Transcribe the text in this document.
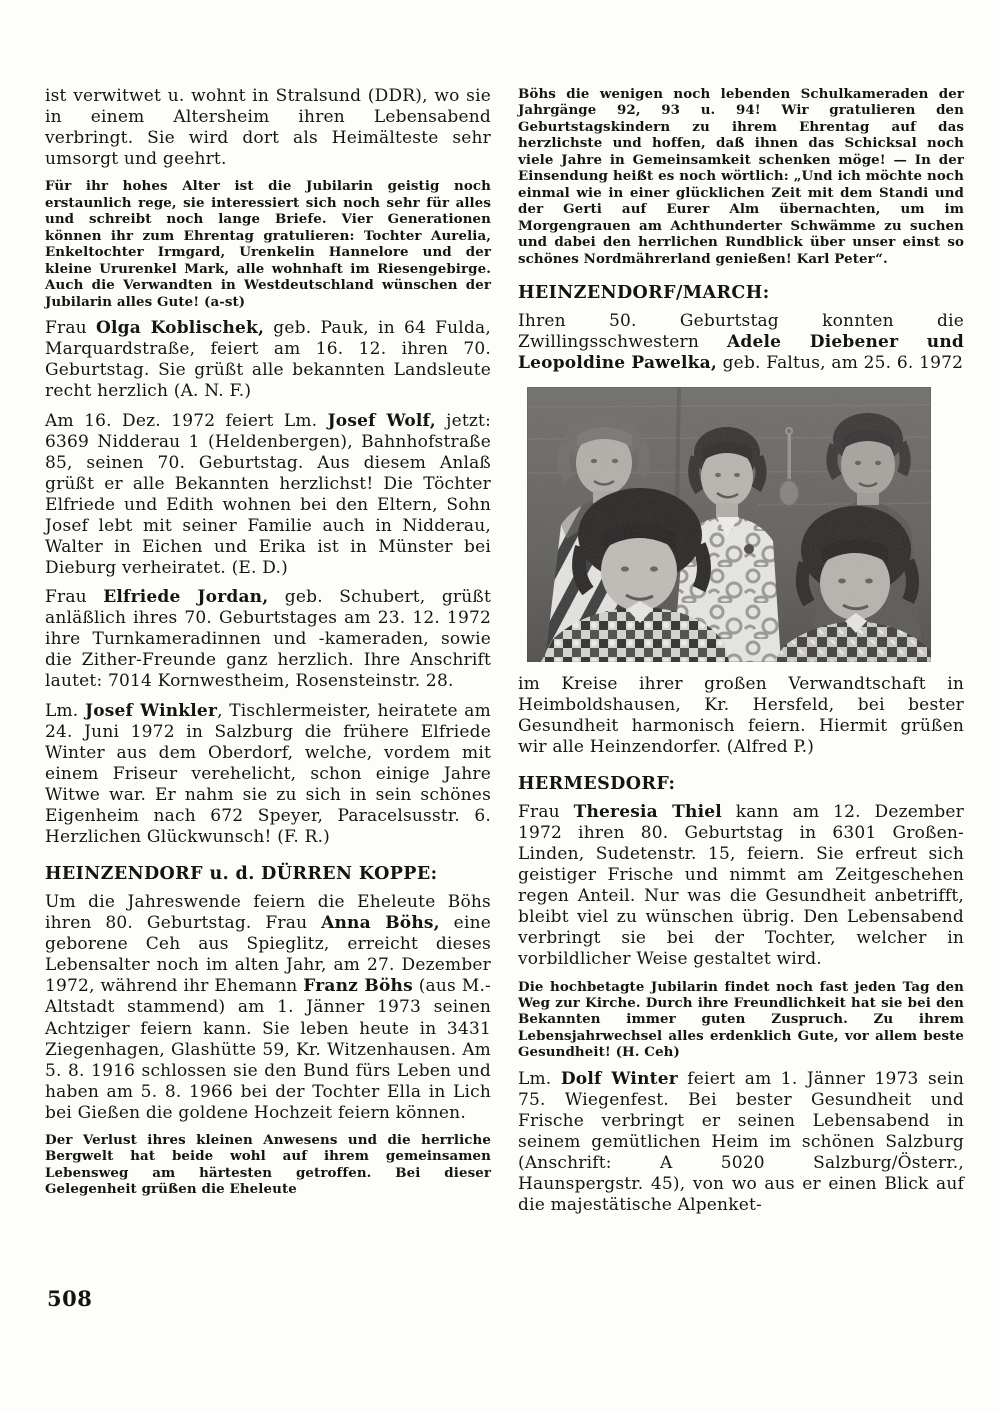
ist verwitwet u. wohnt in Stralsund (DDR), wo sie in einem Altersheim ihren Lebensabend verbringt. Sie wird dort als Heimälteste sehr umsorgt und geehrt.

Für ihr hohes Alter ist die Jubilarin geistig noch erstaunlich rege, sie interessiert sich noch sehr für alles und schreibt noch lange Briefe. Vier Generationen können ihr zum Ehrentag gratulieren: Tochter Aurelia, Enkeltochter Irmgard, Urenkelin Hannelore und der kleine Ururenkel Mark, alle wohnhaft im Riesengebirge. Auch die Verwandten in Westdeutschland wünschen der Jubilarin alles Gute! (a-st)

Frau Olga Koblischek, geb. Pauk, in 64 Fulda, Marquardstraße, feiert am 16. 12. ihren 70. Geburtstag. Sie grüßt alle bekannten Landsleute recht herzlich (A. N. F.)

Am 16. Dez. 1972 feiert Lm. Josef Wolf, jetzt: 6369 Nidderau 1 (Heldenbergen), Bahnhofstraße 85, seinen 70. Geburtstag. Aus diesem Anlaß grüßt er alle Bekannten herzlichst! Die Töchter Elfriede und Edith wohnen bei den Eltern, Sohn Josef lebt mit seiner Familie auch in Nidderau, Walter in Eichen und Erika ist in Münster bei Dieburg verheiratet. (E. D.)

Frau Elfriede Jordan, geb. Schubert, grüßt anläßlich ihres 70. Geburtstages am 23. 12. 1972 ihre Turnkameradinnen und -kameraden, sowie die Zither-Freunde ganz herzlich. Ihre Anschrift lautet: 7014 Kornwestheim, Rosensteinstr. 28.

Lm. Josef Winkler, Tischlermeister, heiratete am 24. Juni 1972 in Salzburg die frühere Elfriede Winter aus dem Oberdorf, welche, vordem mit einem Friseur verehelicht, schon einige Jahre Witwe war. Er nahm sie zu sich in sein schönes Eigenheim nach 672 Speyer, Paracelsusstr. 6. Herzlichen Glückwunsch! (F. R.)

HEINZENDORF u. d. DÜRREN KOPPE:

Um die Jahreswende feiern die Eheleute Böhs ihren 80. Geburtstag. Frau Anna Böhs, eine geborene Ceh aus Spieglitz, erreicht dieses Lebensalter noch im alten Jahr, am 27. Dezember 1972, während ihr Ehemann Franz Böhs (aus M.-Altstadt stammend) am 1. Jänner 1973 seinen Achtziger feiern kann. Sie leben heute in 3431 Ziegenhagen, Glashütte 59, Kr. Witzenhausen. Am 5. 8. 1916 schlossen sie den Bund fürs Leben und haben am 5. 8. 1966 bei der Tochter Ella in Lich bei Gießen die goldene Hochzeit feiern können.

Der Verlust ihres kleinen Anwesens und die herrliche Bergwelt hat beide wohl auf ihrem gemeinsamen Lebensweg am härtesten getroffen. Bei dieser Gelegenheit grüßen die Eheleute

Böhs die wenigen noch lebenden Schulkameraden der Jahrgänge 92, 93 u. 94! Wir gratulieren den Geburtstagskindern zu ihrem Ehrentag auf das herzlichste und hoffen, daß ihnen das Schicksal noch viele Jahre in Gemeinsamkeit schenken möge! — In der Einsendung heißt es noch wörtlich: „Und ich möchte noch einmal wie in einer glücklichen Zeit mit dem Standi und der Gerti auf Eurer Alm übernachten, um im Morgengrauen am Achthunderter Schwämme zu suchen und dabei den herrlichen Rundblick über unser einst so schönes Nordmährerland genießen! Karl Peter“.

HEINZENDORF/MARCH:

Ihren 50. Geburtstag konnten die Zwillingsschwestern Adele Diebener und Leopoldine Pawelka, geb. Faltus, am 25. 6. 1972

im Kreise ihrer großen Verwandtschaft in Heimboldshausen, Kr. Hersfeld, bei bester Gesundheit harmonisch feiern. Hiermit grüßen wir alle Heinzendorfer. (Alfred P.)

HERMESDORF:

Frau Theresia Thiel kann am 12. Dezember 1972 ihren 80. Geburtstag in 6301 Großen-Linden, Sudetenstr. 15, feiern. Sie erfreut sich geistiger Frische und nimmt am Zeitgeschehen regen Anteil. Nur was die Gesundheit anbetrifft, bleibt viel zu wünschen übrig. Den Lebensabend verbringt sie bei der Tochter, welcher in vorbildlicher Weise gestaltet wird.

Die hochbetagte Jubilarin findet noch fast jeden Tag den Weg zur Kirche. Durch ihre Freundlichkeit hat sie bei den Bekannten immer guten Zuspruch. Zu ihrem Lebensjahrwechsel alles erdenklich Gute, vor allem beste Gesundheit! (H. Ceh)

Lm. Dolf Winter feiert am 1. Jänner 1973 sein 75. Wiegenfest. Bei bester Gesundheit und Frische verbringt er seinen Lebensabend in seinem gemütlichen Heim im schönen Salzburg (Anschrift: A 5020 Salzburg/Österr., Haunspergstr. 45), von wo aus er einen Blick auf die majestätische Alpenket-

508
